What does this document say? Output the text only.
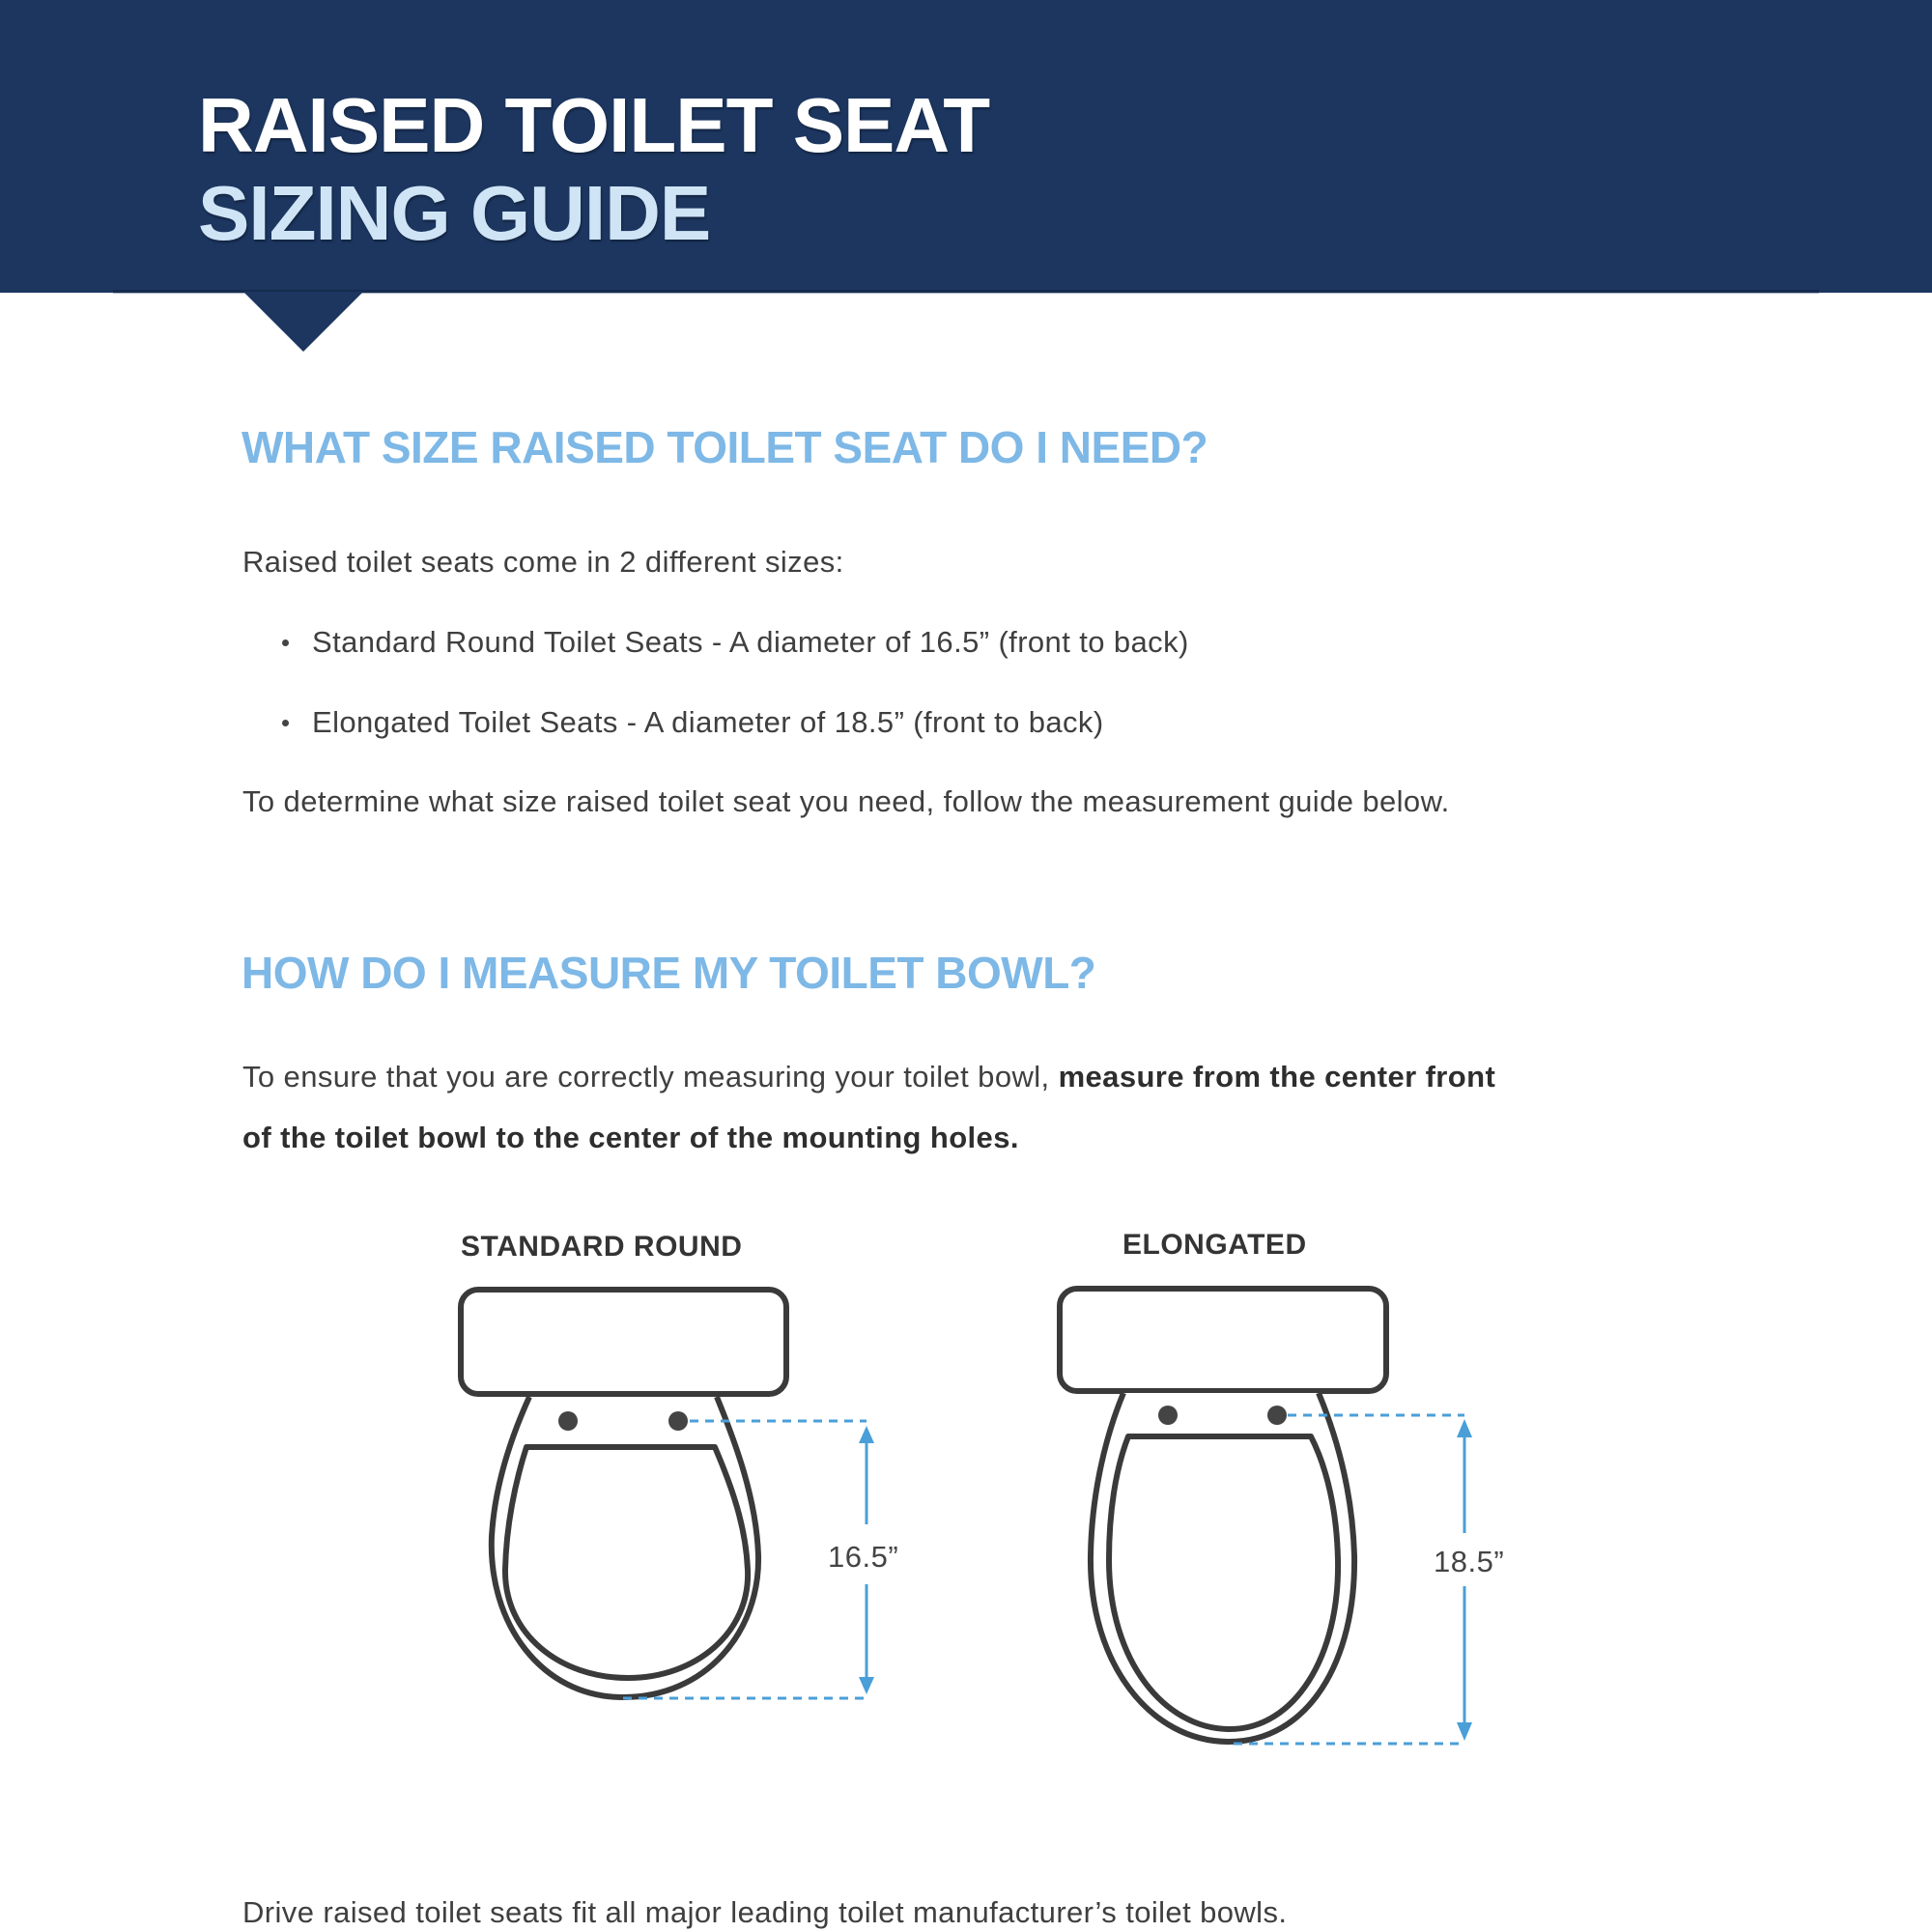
RAISED TOILET SEAT
SIZING GUIDE
WHAT SIZE RAISED TOILET SEAT DO I NEED?

Raised toilet seats come in 2 different sizes:

Standard Round Toilet Seats - A diameter of 16.5” (front to back)

Elongated Toilet Seats - A diameter of 18.5” (front to back)

To determine what size raised toilet seat you need, follow the measurement guide below.

HOW DO I MEASURE MY TOILET BOWL?

To ensure that you are correctly measuring your toilet bowl, measure from the center front

of the toilet bowl to the center of the mounting holes.

STANDARD ROUND	ELONGATED

16.5”	18.5”

Drive raised toilet seats fit all major leading toilet manufacturer’s toilet bowls.
